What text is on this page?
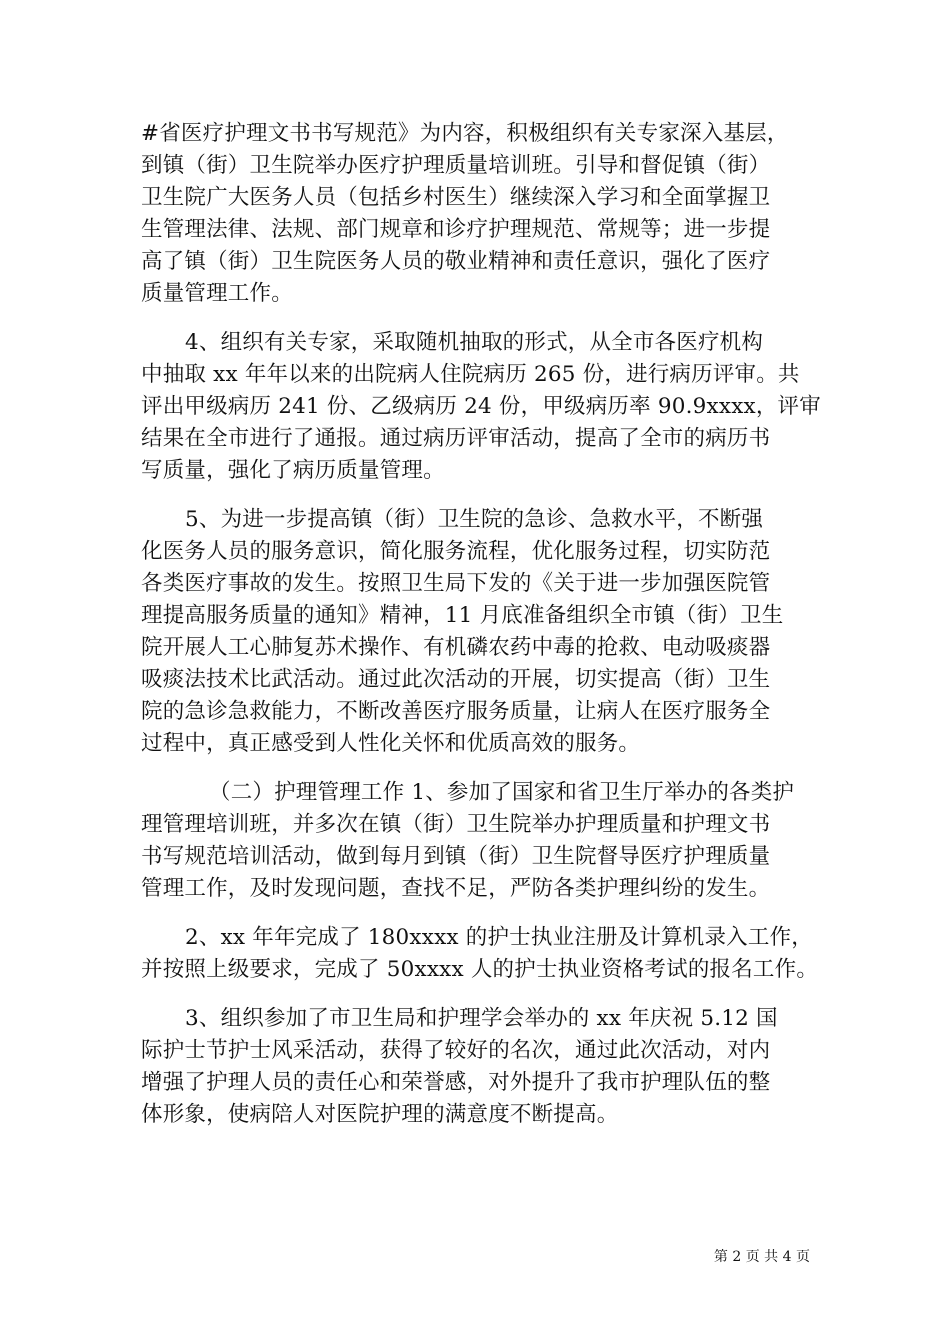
#省医疗护理文书书写规范》为内容，积极组织有关专家深入基层，

到镇（街）卫生院举办医疗护理质量培训班。引导和督促镇（街）

卫生院广大医务人员（包括乡村医生）继续深入学习和全面掌握卫

生管理法律、法规、部门规章和诊疗护理规范、常规等；进一步提

高了镇（街）卫生院医务人员的敬业精神和责任意识，强化了医疗

质量管理工作。

4、组织有关专家，采取随机抽取的形式，从全市各医疗机构

中抽取 xx 年年以来的出院病人住院病历 265 份，进行病历评审。共

评出甲级病历 241 份、乙级病历 24 份，甲级病历率 90.9xxxx，评审

结果在全市进行了通报。通过病历评审活动，提高了全市的病历书

写质量，强化了病历质量管理。

5、为进一步提高镇（街）卫生院的急诊、急救水平，不断强

化医务人员的服务意识，简化服务流程，优化服务过程，切实防范

各类医疗事故的发生。按照卫生局下发的《关于进一步加强医院管

理提高服务质量的通知》精神，11 月底准备组织全市镇（街）卫生

院开展人工心肺复苏术操作、有机磷农药中毒的抢救、电动吸痰器

吸痰法技术比武活动。通过此次活动的开展，切实提高（街）卫生

院的急诊急救能力，不断改善医疗服务质量，让病人在医疗服务全

过程中，真正感受到人性化关怀和优质高效的服务。

（二）护理管理工作 1、参加了国家和省卫生厅举办的各类护

理管理培训班，并多次在镇（街）卫生院举办护理质量和护理文书

书写规范培训活动，做到每月到镇（街）卫生院督导医疗护理质量

管理工作，及时发现问题，查找不足，严防各类护理纠纷的发生。

2、xx 年年完成了 180xxxx 的护士执业注册及计算机录入工作，

并按照上级要求，完成了 50xxxx 人的护士执业资格考试的报名工作。

3、组织参加了市卫生局和护理学会举办的 xx 年庆祝 5.12 国

际护士节护士风采活动，获得了较好的名次，通过此次活动，对内

增强了护理人员的责任心和荣誉感，对外提升了我市护理队伍的整

体形象，使病陪人对医院护理的满意度不断提高。

第 2 页 共 4 页
